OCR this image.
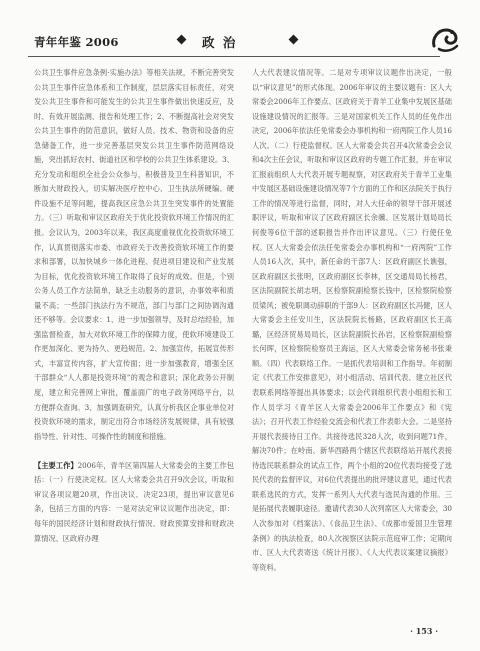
青年年鉴 2006	政 治

公共卫生事件应急条例·实施办法》等相关法规，不断完善突发公共卫生事件应急体系和工作制度，层层落实目标责任，对突发公共卫生事件和可能发生的公共卫生事件做出快速反应，及时、有效开展监测、报告和处理工作；2、不断提高社会对突发公共卫生事件的防范意识，做好人员、技术、物资和设备的应急储备工作，进一步完善基层突发公共卫生事件防范网络设施，突出抓好农村、街道社区和学校的公共卫生体系建设。3、充分发动和组织全社会公众参与，积极普及卫生科普知识，不断加大财政投入，切实解决医疗控中心、卫生执法所硬编、硬件设施不足等问题，提高我区应急公共卫生突发事件的处置能力。（三）听取和审议区政府关于优化投资软环境工作情况的汇报。会议认为，2003年以来，我区高度重视优化投资软环境工作，认真贯彻落实市委、市政府关于改善投资软环境工作的要求和部署，以加快城乡一体化进程、促进项目建设和产业发展为目标，优化投资软环境工作取得了良好的成效。但是，个别公务人员工作方法简单，缺乏主动服务的意识，办事效率和质量不高；一些部门执法行为不规范，部门与部门之间协调沟通还不够等。会议要求：1、进一步加强领导，及时总结经验，加强监督检查，加大对软环境工作的保障力度，使软环境建设工作更加深化、更为持久、更趋规范。2、加强宣传，拓展宣传形式，丰富宣传内容，扩大宣传面；进一步加强教育，增强全区干部群众“人人都是投资环境”的观念和意识；深化政务公开制度，建立和完善网上审批，覆盖面广的电子政务网络平台，以方便群众查询。3、加强调查研究，认真分析我区企事业单位对投资软环境的需求，制定出符合市场经济发展规律，具有较强指导性、针对性、可操作性的制度和措施。

【主要工作】2006年，青羊区第四届人大常委会的主要工作包括：（一）行使决定权。区人大常委会共召开9次会议，听取和审议各项议题20项，作出决议、决定23项，提出审议意见6条，包括三方面的内容：一是对法定审议议题作出决定，即：每年的国民经济计划和财政执行情况、财政预算安排和财政决算情况、区政府办理

人大代表建议情况等。二是对专项审议议题作出决定，一般以“审议意见”的形式体现。2006年审议的主要议题有：区人大常委会2006年工作要点、区政府关于青羊工业集中发展区基础设施建设情况的汇报等。三是对国家机关工作人员的任免作出决定，2006年依法任免常委会办事机构和一府两院工作人员16人次。（二）行使监督权。区人大常委会共召开4次常委会会议和4次主任会议，听取和审议区政府的专题工作汇报，并在审议汇报前组织人大代表开展专题视察，对区政府关于青羊工业集中发展区基础设施建设情况等7个方面的工作和区法院关于执行工作的情况等进行监督，同时，对人大任命的领导干部开展述职评议，听取和审议了区政府副区长余骥、区发展计划局局长何俊等6位干部的述职报告并作出评议意见。（三）行使任免权。区人大常委会依法任免常委会办事机构和“一府两院”工作人员16人次，其中，新任命的干部7人：区政府副区长谯强，区政府副区长张明，区政府副区长李林，区交通局局长杨君，区法院副院长胡志明，区检察院副检察长钱中，区检察院检察员梁风；被免职调动辞职的干部9人：区政府副区长冯健，区人大常委会主任安川生，区法院院长杨路，区政府副区长王高璐，区经济贸易局局长，区法院副院长孙岩，区检察院副检察长何晖，区检察院检察员王海运，区人大常委会常务秘书张秉顺。（四）代表联络工作。一是抓代表培训和工作指导。年初制定《代表工作安排意见》，对小组活动、培训代表、建立社区代表联系网络等提出具体要求；以会代训组织代表小组组长和工作人员学习《青羊区人大常委会2006年工作要点》和《宪法》；召开代表工作经验交流会和代表工作表彰大会。二是坚持开展代表接待日工作。共接待选民328人次，收到问题71件，解决70件；在岭南、新华西路两个辖区代表联络站开展代表接待选民联系群众的试点工作，两个小组的20位代表均接受了选民代表的监督评议，对6位代表提出的批评建议意见，通过代表联系选民的方式，发挥一系列人大代表与选民沟通的作用。三是拓展代表履职途径。邀请代表30人次列席区人大常委会，30人次参加对《档案法》、《食品卫生法》、《成都市爱国卫生管理条例》的执法检查，80人次视察区法院示范庭审工作；定期向市、区人大代表寄送《统计月报》、《人大代表议案建议摘报》等资料。

· 153 ·
